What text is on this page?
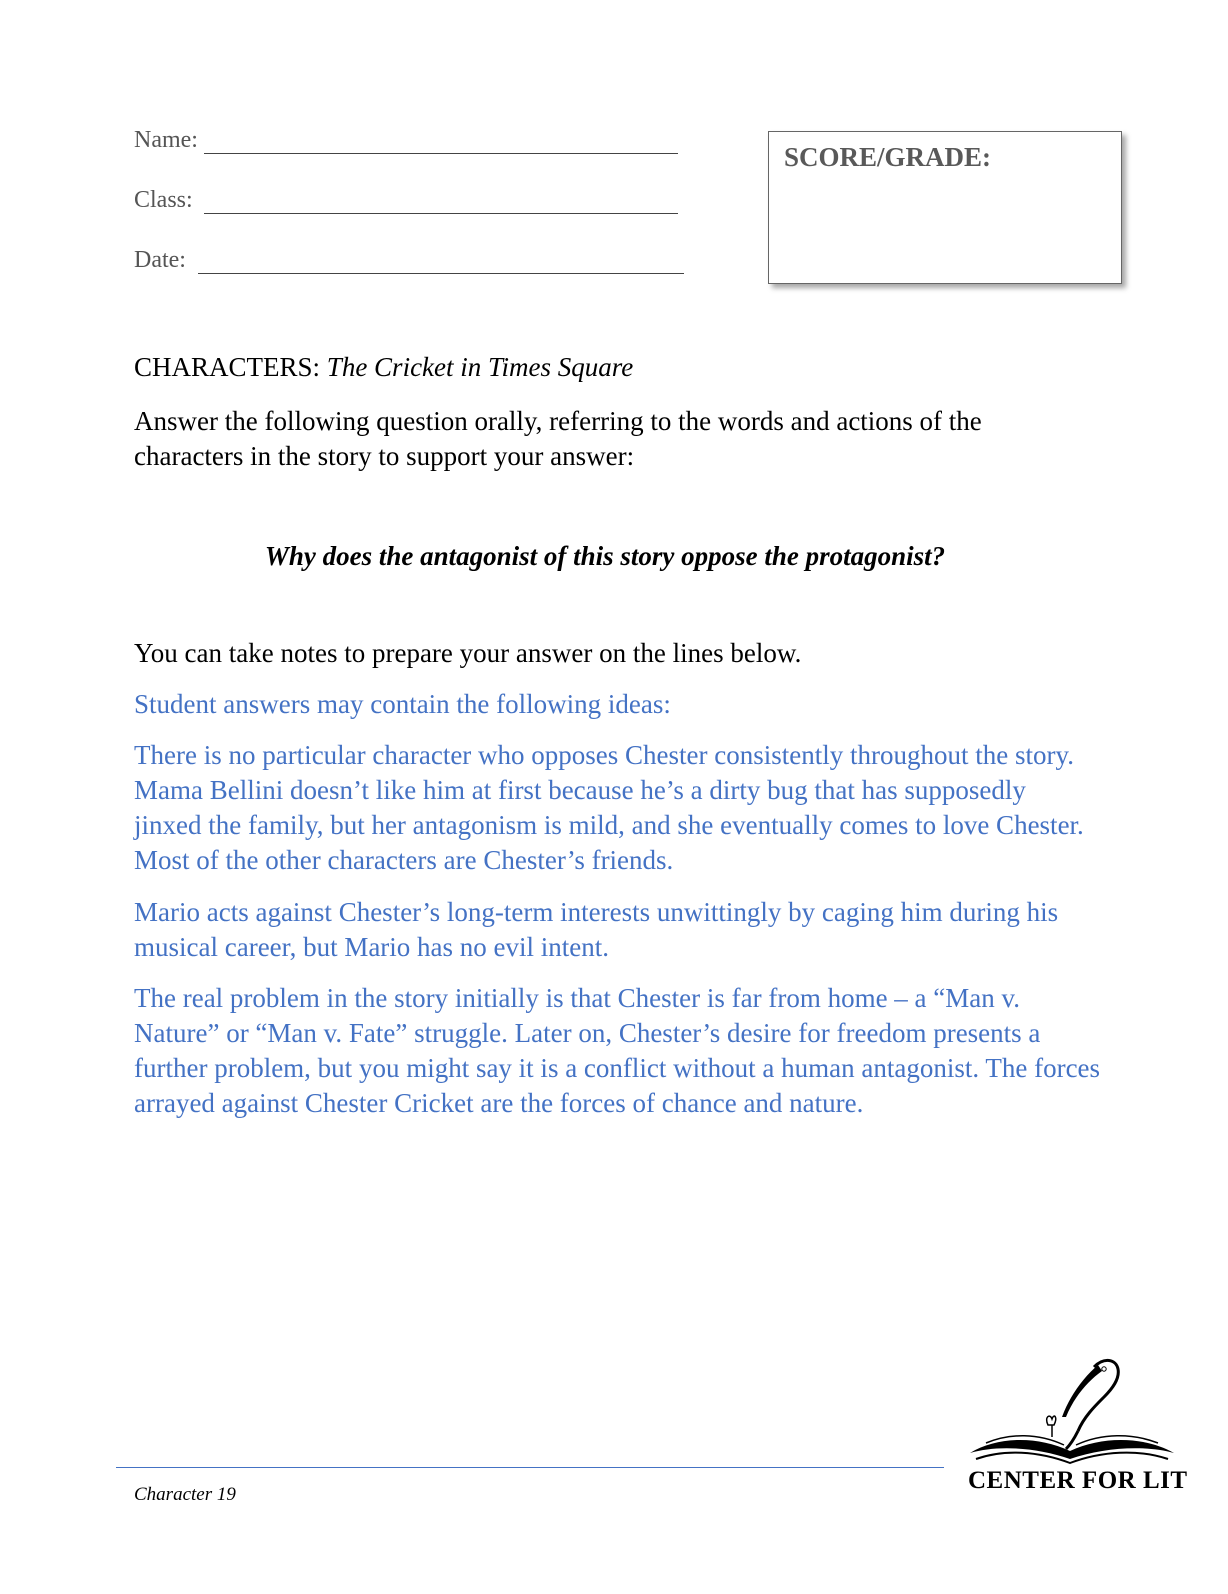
Name:
Class:
Date:
SCORE/GRADE:
CHARACTERS: The Cricket in Times Square
Answer the following question orally, referring to the words and actions of the characters in the story to support your answer:
Why does the antagonist of this story oppose the protagonist?
You can take notes to prepare your answer on the lines below.
Student answers may contain the following ideas:
There is no particular character who opposes Chester consistently throughout the story. Mama Bellini doesn’t like him at first because he’s a dirty bug that has supposedly jinxed the family, but her antagonism is mild, and she eventually comes to love Chester. Most of the other characters are Chester’s friends.
Mario acts against Chester’s long-term interests unwittingly by caging him during his musical career, but Mario has no evil intent.
The real problem in the story initially is that Chester is far from home – a “Man v. Nature” or “Man v. Fate” struggle. Later on, Chester’s desire for freedom presents a further problem, but you might say it is a conflict without a human antagonist. The forces arrayed against Chester Cricket are the forces of chance and nature.
Character 19
CENTER FOR LIT
